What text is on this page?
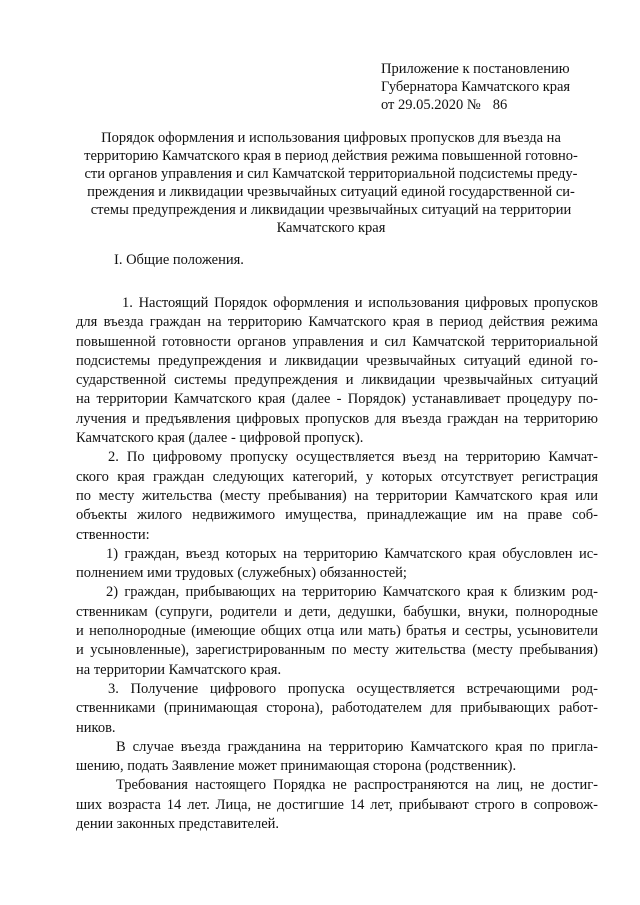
Приложение к постановлению
Губернатора Камчатского края
от 29.05.2020 № 86
Порядок оформления и использования цифровых пропусков для въезда на
территорию Камчатского края в период действия режима повышенной готовно-
сти органов управления и сил Камчатской территориальной подсистемы преду-
преждения и ликвидации чрезвычайных ситуаций единой государственной си-
стемы предупреждения и ликвидации чрезвычайных ситуаций на территории
Камчатского края
I. Общие положения.
1. Настоящий Порядок оформления и использования цифровых пропусков
для въезда граждан на территорию Камчатского края в период действия режима
повышенной готовности органов управления и сил Камчатской территориальной
подсистемы предупреждения и ликвидации чрезвычайных ситуаций единой го-
сударственной системы предупреждения и ликвидации чрезвычайных ситуаций
на территории Камчатского края (далее - Порядок) устанавливает процедуру по-
лучения и предъявления цифровых пропусков для въезда граждан на территорию
Камчатского края (далее - цифровой пропуск).
2. По цифровому пропуску осуществляется въезд на территорию Камчат-
ского края граждан следующих категорий, у которых отсутствует регистрация
по месту жительства (месту пребывания) на территории Камчатского края или
объекты жилого недвижимого имущества, принадлежащие им на праве соб-
ственности:
1) граждан, въезд которых на территорию Камчатского края обусловлен ис-
полнением ими трудовых (служебных) обязанностей;
2) граждан, прибывающих на территорию Камчатского края к близким род-
ственникам (супруги, родители и дети, дедушки, бабушки, внуки, полнородные
и неполнородные (имеющие общих отца или мать) братья и сестры, усыновители
и усыновленные), зарегистрированным по месту жительства (месту пребывания)
на территории Камчатского края.
3. Получение цифрового пропуска осуществляется встречающими род-
ственниками (принимающая сторона), работодателем для прибывающих работ-
ников.
В случае въезда гражданина на территорию Камчатского края по пригла-
шению, подать Заявление может принимающая сторона (родственник).
Требования настоящего Порядка не распространяются на лиц, не достиг-
ших возраста 14 лет. Лица, не достигшие 14 лет, прибывают строго в сопровож-
дении законных представителей.
